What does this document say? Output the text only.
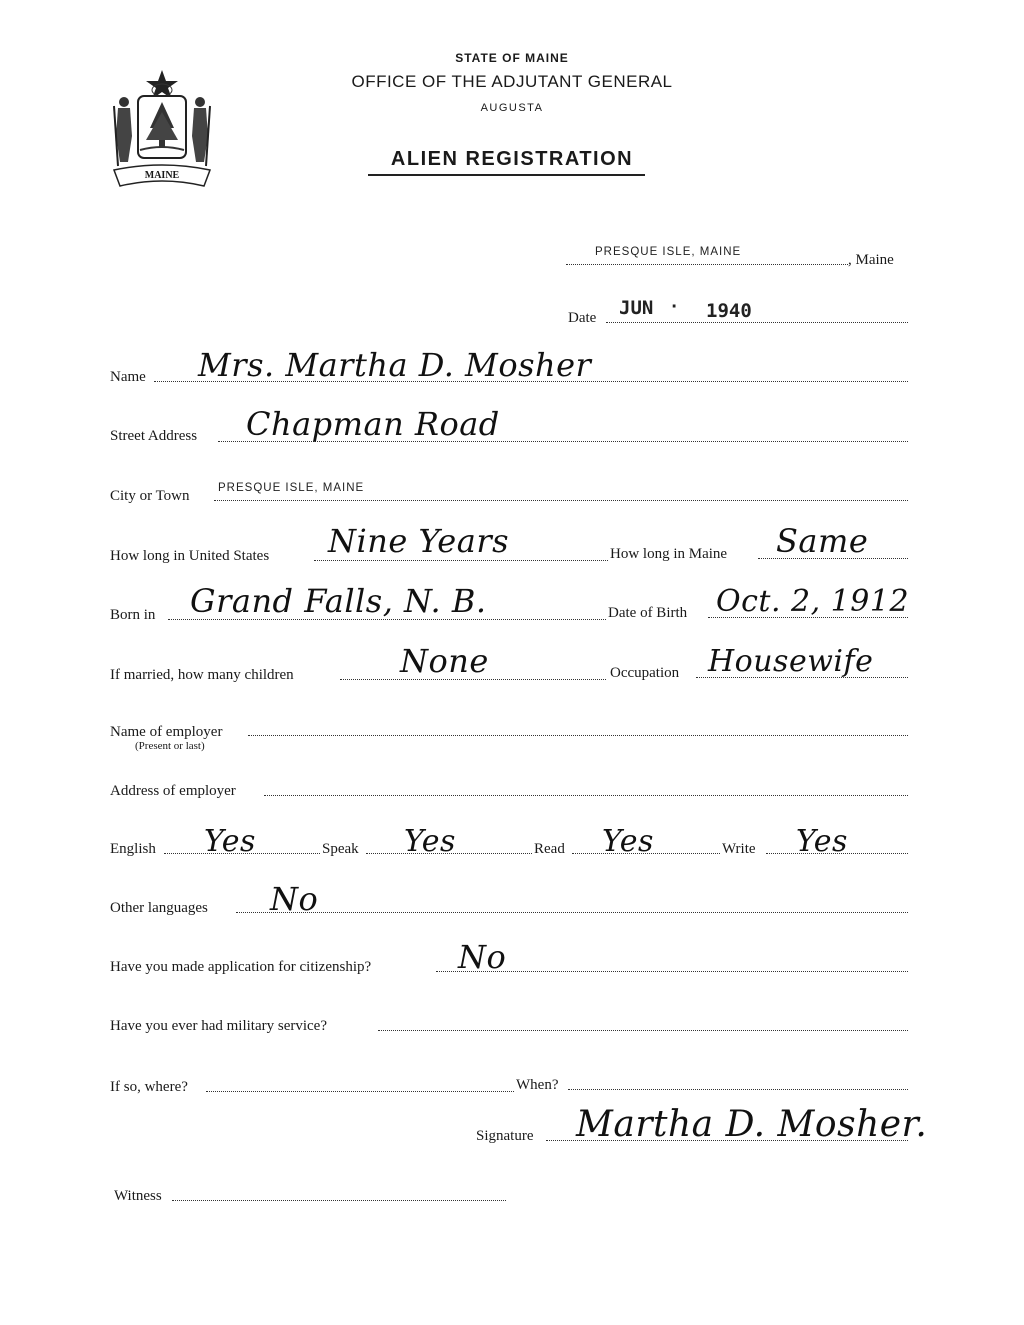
MAINE
STATE OF MAINE
OFFICE OF THE ADJUTANT GENERAL
AUGUSTA
ALIEN REGISTRATION
PRESQUE ISLE, MAINE	, Maine
Date JUN · 1940
Name Mrs. Martha D. Mosher
Street Address Chapman Road
City or Town PRESQUE ISLE, MAINE
How long in United States Nine Years	How long in Maine Same
Born in Grand Falls, N. B.	Date of Birth Oct. 2, 1912
If married, how many children	None	Occupation Housewife
Name of employer
(Present or last)
Address of employer
English Yes	Speak Yes	Read Yes	Write Yes
Other languages No
Have you made application for citizenship?	No
Have you ever had military service?
If so, where?	When?
Signature Martha D. Mosher.
Witness
